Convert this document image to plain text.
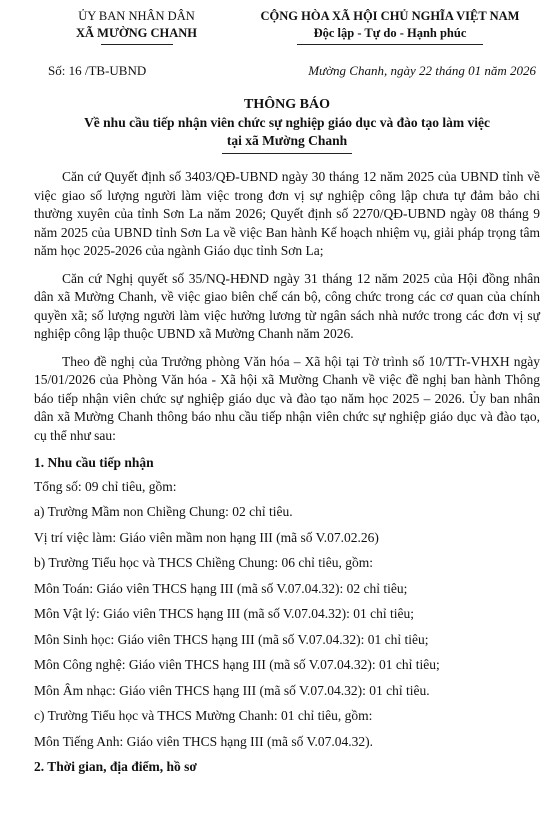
ỦY BAN NHÂN DÂN
XÃ MƯỜNG CHANH
CỘNG HÒA XÃ HỘI CHỦ NGHĨA VIỆT NAM
Độc lập - Tự do - Hạnh phúc
Số: 16 /TB-UBND	Mường Chanh, ngày 22 tháng 01 năm 2026
THÔNG BÁO
Về nhu cầu tiếp nhận viên chức sự nghiệp giáo dục và đào tạo làm việc
tại xã Mường Chanh

Căn cứ Quyết định số 3403/QĐ-UBND ngày 30 tháng 12 năm 2025 của UBND tỉnh về việc giao số lượng người làm việc trong đơn vị sự nghiệp công lập chưa tự đảm bảo chi thường xuyên của tỉnh Sơn La năm 2026; Quyết định số 2270/QĐ-UBND ngày 08 tháng 9 năm 2025 của UBND tỉnh Sơn La về việc Ban hành Kế hoạch nhiệm vụ, giải pháp trọng tâm năm học 2025-2026 của ngành Giáo dục tỉnh Sơn La;

Căn cứ Nghị quyết số 35/NQ-HĐND ngày 31 tháng 12 năm 2025 của Hội đồng nhân dân xã Mường Chanh, về việc giao biên chế cán bộ, công chức trong các cơ quan của chính quyền xã; số lượng người làm việc hưởng lương từ ngân sách nhà nước trong các đơn vị sự nghiệp công lập thuộc UBND xã Mường Chanh năm 2026.

Theo đề nghị của Trưởng phòng Văn hóa – Xã hội tại Tờ trình số 10/TTr-VHXH ngày 15/01/2026 của Phòng Văn hóa - Xã hội xã Mường Chanh về việc đề nghị ban hành Thông báo tiếp nhận viên chức sự nghiệp giáo dục và đào tạo năm học 2025 – 2026. Ủy ban nhân dân xã Mường Chanh thông báo nhu cầu tiếp nhận viên chức sự nghiệp giáo dục và đào tạo, cụ thể như sau:

1. Nhu cầu tiếp nhận

Tổng số: 09 chỉ tiêu, gồm:

a) Trường Mầm non Chiềng Chung: 02 chỉ tiêu.

Vị trí việc làm: Giáo viên mầm non hạng III (mã số V.07.02.26)

b) Trường Tiểu học và THCS Chiềng Chung: 06 chỉ tiêu, gồm:

Môn Toán: Giáo viên THCS hạng III (mã số V.07.04.32): 02 chỉ tiêu;

Môn Vật lý: Giáo viên THCS hạng III (mã số V.07.04.32): 01 chỉ tiêu;

Môn Sinh học: Giáo viên THCS hạng III (mã số V.07.04.32): 01 chỉ tiêu;

Môn Công nghệ: Giáo viên THCS hạng III (mã số V.07.04.32): 01 chỉ tiêu;

Môn Âm nhạc: Giáo viên THCS hạng III (mã số V.07.04.32): 01 chỉ tiêu.

c) Trường Tiểu học và THCS Mường Chanh: 01 chỉ tiêu, gồm:

Môn Tiếng Anh: Giáo viên THCS hạng III (mã số V.07.04.32).

2. Thời gian, địa điểm, hồ sơ
